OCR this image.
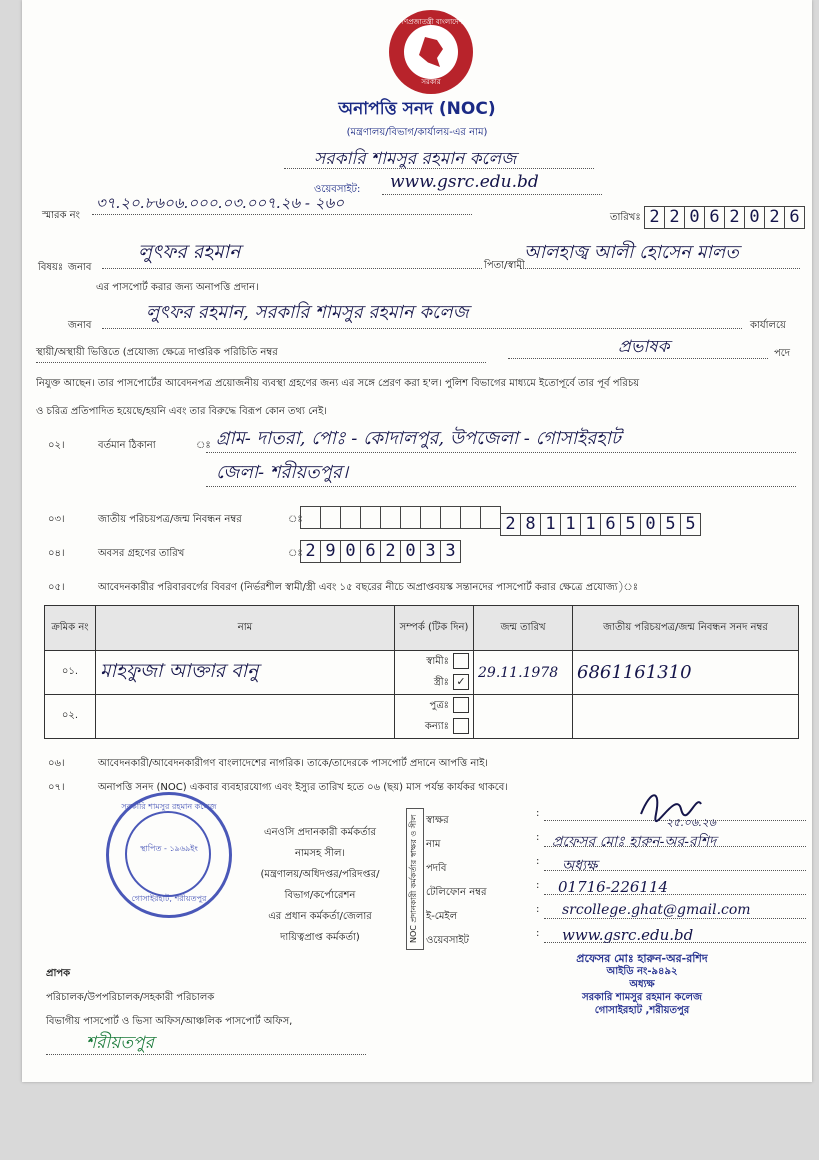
গণপ্রজাতন্ত্রী বাংলাদেশ
সরকার
অনাপত্তি সনদ (NOC)
(মন্ত্রণালয়/বিভাগ/কার্যালয়-এর নাম)
সরকারি শামসুর রহমান কলেজ
ওয়েবসাইট:	www.gsrc.edu.bd
স্মারক নং
৩৭.২০.৮৬০৬.০০০.০৩.০০৭.২৬ - ২৬০
তারিখঃ 2 2 0 6 2 0 2 6
বিষয়ঃ জনাব
লুৎফর রহমান
পিতা/স্বামী
আলহাজ্ব আলী হোসেন মালত
এর পাসপোর্ট করার জন্য অনাপত্তি প্রদান।
জনাব
লুৎফর রহমান, সরকারি শামসুর রহমান কলেজ
কার্যালয়ে
স্থায়ী/অস্থায়ী ভিত্তিতে (প্রযোজ্য ক্ষেত্রে দাপ্তরিক পরিচিতি নম্বর	প্রভাষক	পদে
নিযুক্ত আছেন। তার পাসপোর্টের আবেদনপত্র প্রয়োজনীয় ব্যবস্থা গ্রহণের জন্য এর সঙ্গে প্রেরণ করা হ'ল। পুলিশ বিভাগের মাধ্যমে ইতোপূর্বে তার পূর্ব পরিচয়
ও চরিত্র প্রতিপাদিত হয়েছে/হয়নি এবং তার বিরুদ্ধে বিরূপ কোন তথ্য নেই।
০২।	বর্তমান ঠিকানা	ঃ গ্রাম- দাতরা, পোঃ - কোদালপুর, উপজেলা - গোসাইরহাট
জেলা- শরীয়তপুর।
০৩।	জাতীয় পরিচয়পত্র/জন্ম নিবন্ধন নম্বর	ঃ	2 8 1 1 1 6 5 0 5 5
০৪।	অবসর গ্রহণের তারিখ	ঃ 2 9 0 6 2 0 3 3
০৫।	আবেদনকারীর পরিবারবর্গের বিবরণ (নির্ভরশীল স্বামী/স্ত্রী এবং ১৫ বছরের নীচে অপ্রাপ্তবয়স্ক সন্তানদের পাসপোর্ট করার ক্ষেত্রে প্রযোজ্য)ঃ
ক্রমিক নং	নাম	সম্পর্ক (টিক দিন)	জন্ম তারিখ	জাতীয় পরিচয়পত্র/জন্ম নিবন্ধন সনদ নম্বর
০১.	মাহফুজা আক্তার বানু	স্বামীঃ
স্ত্রীঃ ✓	29.11.1978	6861161310
০২.		পুত্রঃ
কন্যাঃ		

০৬।	আবেদনকারী/আবেদনকারীগণ বাংলাদেশের নাগরিক। তাকে/তাদেরকে পাসপোর্ট প্রদানে আপত্তি নাই।
০৭।	অনাপত্তি সনদ (NOC) একবার ব্যবহারযোগ্য এবং ইস্যুর তারিখ হতে ০৬ (ছয়) মাস পর্যন্ত কার্যকর থাকবে।
সরকারি শামসুর রহমান কলেজ
স্থাপিত - ১৯৬৯ইং
গোসাইরহাট, শরীয়তপুর
এনওসি প্রদানকারী কর্মকর্তার
নামসহ সীল।
(মন্ত্রণালয়/অধিদপ্তর/পরিদপ্তর/
বিভাগ/কর্পোরেশন
এর প্রধান কর্মকর্তা/জেলার
দায়িত্বপ্রাপ্ত কর্মকর্তা)	NOC প্রদানকারী কর্মকর্তার স্বাক্ষর ও সীল স্বাক্ষর
:
২৫.০৬.২৬
নাম
: প্রফেসর মোঃ হারুন-অর-রশিদ
পদবি
: অধ্যক্ষ
টেলিফোন নম্বর
: 01716-226114
ই-মেইল
: srcollege.ghat@gmail.com
ওয়েবসাইট
: www.gsrc.edu.bd
প্রফেসর মোঃ হারুন-অর-রশিদ
আইডি নং-৯৪৯২
অধ্যক্ষ
সরকারি শামসুর রহমান কলেজ
গোসাইরহাট ,শরীয়তপুর
প্রাপক
পরিচালক/উপপরিচালক/সহকারী পরিচালক
বিভাগীয় পাসপোর্ট ও ভিসা অফিস/আঞ্চলিক পাসপোর্ট অফিস,
শরীয়তপুর
